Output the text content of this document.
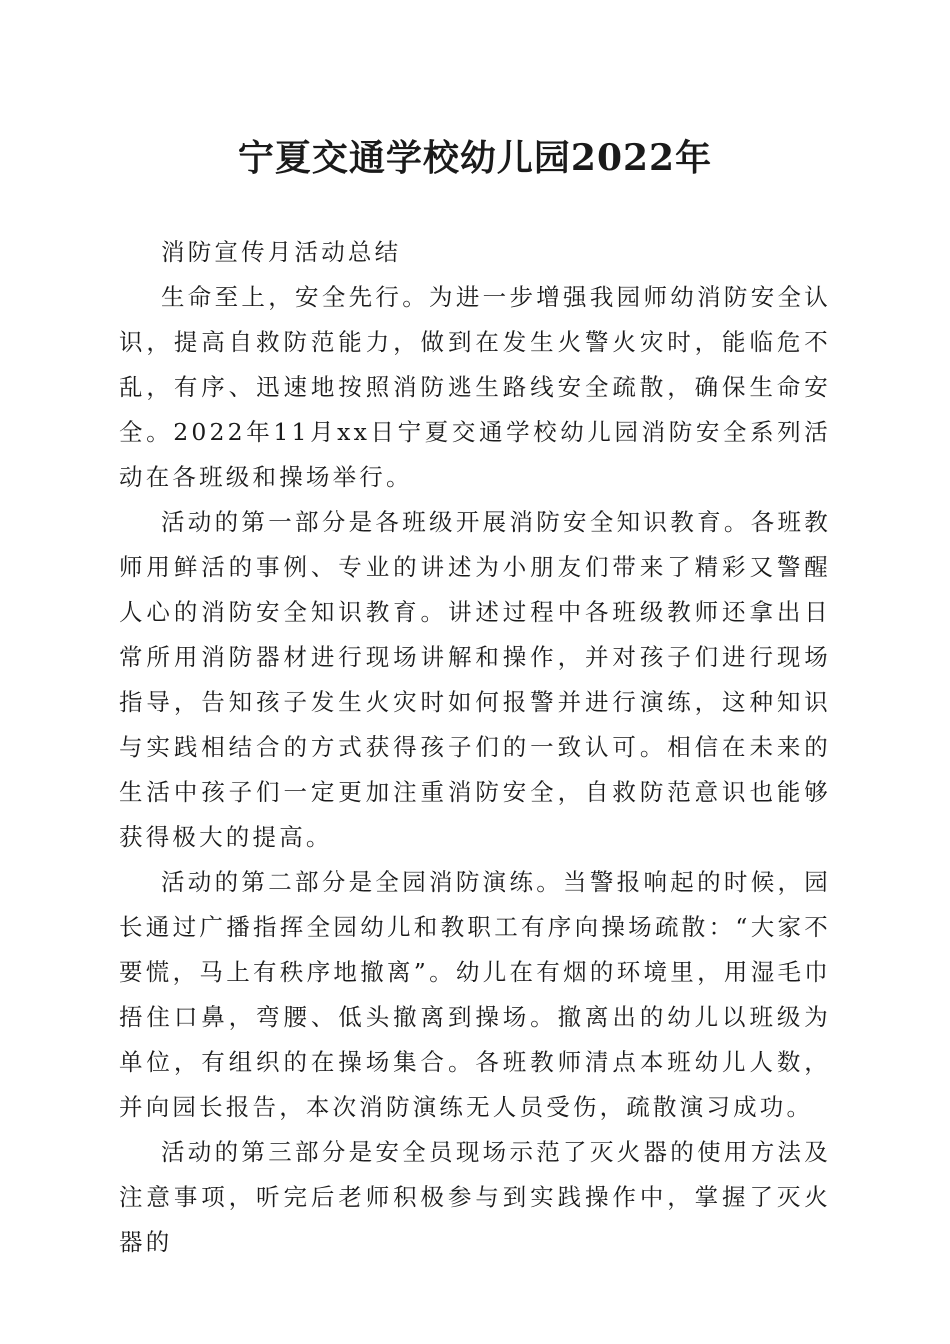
宁夏交通学校幼儿园2022年

消防宣传月活动总结

生命至上，安全先行。为进一步增强我园师幼消防安全认识，提高自救防范能力，做到在发生火警火灾时，能临危不乱，有序、迅速地按照消防逃生路线安全疏散，确保生命安全。2022年11月xx日宁夏交通学校幼儿园消防安全系列活动在各班级和操场举行。

活动的第一部分是各班级开展消防安全知识教育。各班教师用鲜活的事例、专业的讲述为小朋友们带来了精彩又警醒人心的消防安全知识教育。讲述过程中各班级教师还拿出日常所用消防器材进行现场讲解和操作，并对孩子们进行现场指导，告知孩子发生火灾时如何报警并进行演练，这种知识与实践相结合的方式获得孩子们的一致认可。相信在未来的生活中孩子们一定更加注重消防安全，自救防范意识也能够获得极大的提高。

活动的第二部分是全园消防演练。当警报响起的时候，园长通过广播指挥全园幼儿和教职工有序向操场疏散：“大家不要慌，马上有秩序地撤离”。幼儿在有烟的环境里，用湿毛巾捂住口鼻，弯腰、低头撤离到操场。撤离出的幼儿以班级为单位，有组织的在操场集合。各班教师清点本班幼儿人数，并向园长报告，本次消防演练无人员受伤，疏散演习成功。

活动的第三部分是安全员现场示范了灭火器的使用方法及注意事项，听完后老师积极参与到实践操作中，掌握了灭火器的
